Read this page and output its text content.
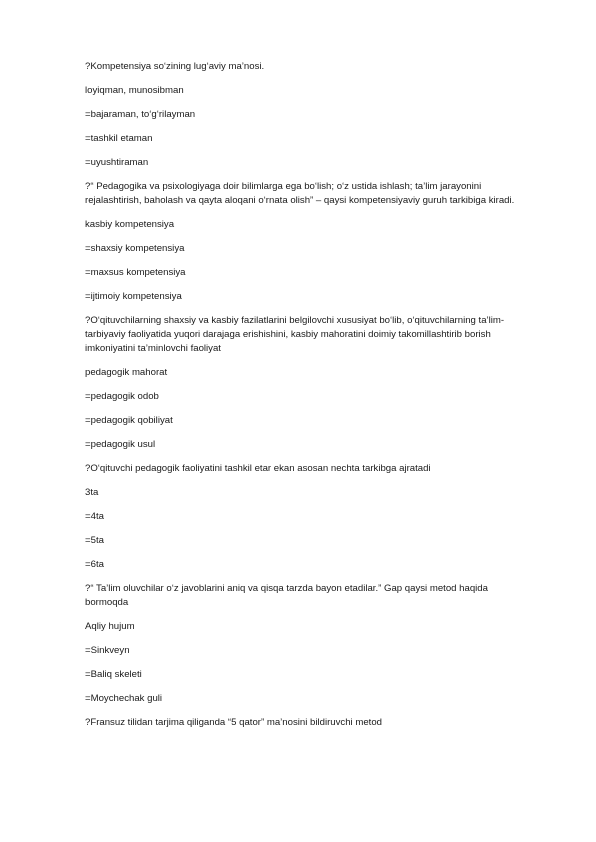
?Kompetensiya so‘zining lug‘aviy ma’nosi.

loyiqman, munosibman

=bajaraman, to‘g‘rilayman

=tashkil etaman

=uyushtiraman

?“ Pedagogika va psixologiyaga doir bilimlarga ega bo‘lish; o‘z ustida ishlash; ta’lim jarayonini rejalashtirish, baholash va qayta aloqani o‘rnata olish” – qaysi kompetensiyaviy guruh tarkibiga kiradi.

kasbiy kompetensiya

=shaxsiy kompetensiya

=maxsus kompetensiya

=ijtimoiy kompetensiya

?O‘qituvchilarning shaxsiy va kasbiy fazilatlarini belgilovchi xususiyat bo‘lib, o‘qituvchilarning ta’lim-tarbiyaviy faoliyatida yuqori darajaga erishishini, kasbiy mahoratini doimiy takomillashtirib borish imkoniyatini ta’minlovchi faoliyat

pedagogik mahorat

=pedagogik odob

=pedagogik qobiliyat

=pedagogik usul

?O‘qituvchi pedagogik faoliyatini tashkil etar ekan asosan nechta tarkibga ajratadi

3ta

=4ta

=5ta

=6ta

?“ Ta’lim oluvchilar o‘z javoblarini aniq va qisqa tarzda bayon etadilar.” Gap qaysi metod haqida bormoqda

Aqliy hujum

=Sinkveyn

=Baliq skeleti

=Moychechak guli

?Fransuz tilidan tarjima qiliganda “5 qator” ma’nosini bildiruvchi metod
